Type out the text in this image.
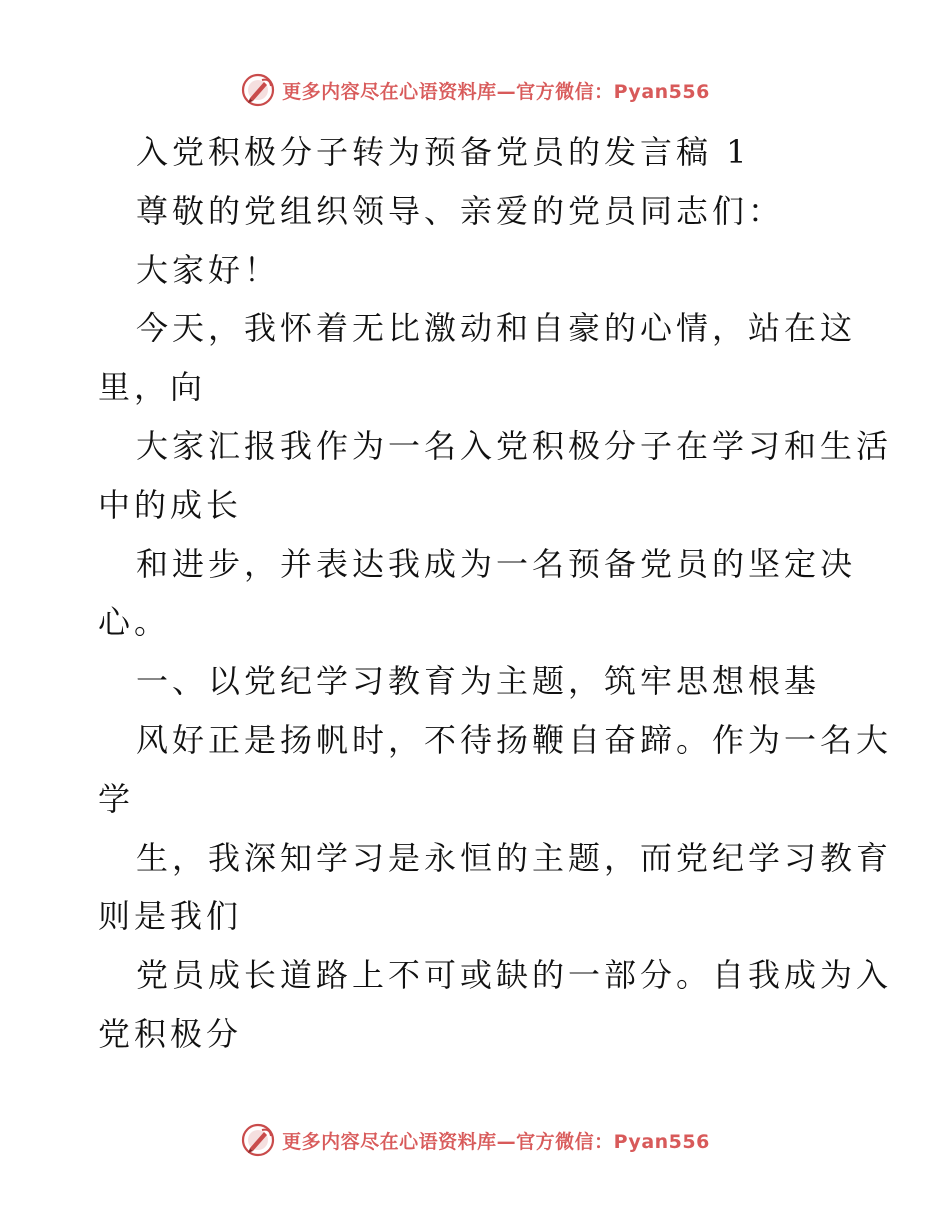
更多内容尽在心语资料库—官方微信：Pyan556
入党积极分子转为预备党员的发言稿 1
尊敬的党组织领导、亲爱的党员同志们：
大家好！
今天，我怀着无比激动和自豪的心情，站在这
里，向
大家汇报我作为一名入党积极分子在学习和生活
中的成长
和进步，并表达我成为一名预备党员的坚定决
心。
一、以党纪学习教育为主题，筑牢思想根基
风好正是扬帆时，不待扬鞭自奋蹄。作为一名大
学
生，我深知学习是永恒的主题，而党纪学习教育
则是我们
党员成长道路上不可或缺的一部分。自我成为入
党积极分
更多内容尽在心语资料库—官方微信：Pyan556
